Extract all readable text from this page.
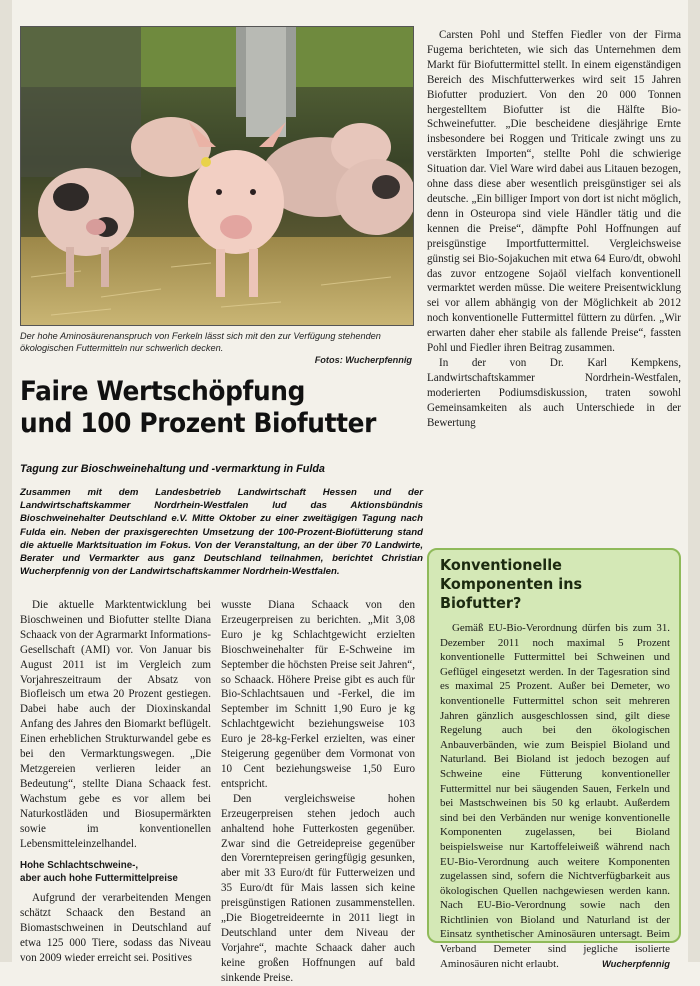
Der hohe Aminosäurenanspruch von Ferkeln lässt sich mit den zur Verfügung stehenden ökologischen Futtermitteln nur schwerlich decken.
Fotos: Wucherpfennig
Faire Wertschöpfung
und 100 Prozent Biofutter

Tagung zur Bioschweinehaltung und -vermarktung in Fulda

Zusammen mit dem Landesbetrieb Landwirtschaft Hessen und der Landwirtschaftskammer Nordrhein-Westfalen lud das Aktionsbündnis Bioschweinehalter Deutschland e.V. Mitte Oktober zu einer zweitägigen Tagung nach Fulda ein. Neben der praxisgerechten Umsetzung der 100-Prozent-Biofütterung stand die aktuelle Marktsituation im Fokus. Von der Veranstaltung, an der über 70 Landwirte, Berater und Vermarkter aus ganz Deutschland teilnahmen, berichtet Christian Wucherpfennig von der Landwirtschaftskammer Nordrhein-Westfalen.

Die aktuelle Marktentwicklung bei Bioschweinen und Biofutter stellte Diana Schaack von der Agrarmarkt Informations-Gesellschaft (AMI) vor. Von Januar bis August 2011 ist im Vergleich zum Vorjahreszeitraum der Absatz von Biofleisch um etwa 20 Prozent gestiegen. Dabei habe auch der Dioxinskandal Anfang des Jahres den Biomarkt beflügelt. Einen erheblichen Strukturwandel gebe es bei den Vermarktungswegen. „Die Metzgereien verlieren leider an Bedeutung“, stellte Diana Schaack fest. Wachstum gebe es vor allem bei Naturkostläden und Biosupermärkten sowie im konventionellen Lebensmitteleinzelhandel.

Hohe Schlachtschweine-,
aber auch hohe Futtermittelpreise

Aufgrund der verarbeitenden Mengen schätzt Schaack den Bestand an Biomastschweinen in Deutschland auf etwa 125 000 Tiere, sodass das Niveau von 2009 wieder erreicht sei. Positives

wusste Diana Schaack von den Erzeugerpreisen zu berichten. „Mit 3,08 Euro je kg Schlachtgewicht erzielten Bioschweinehalter für E-Schweine im September die höchsten Preise seit Jahren“, so Schaack. Höhere Preise gibt es auch für Bio-Schlachtsauen und -Ferkel, die im September im Schnitt 1,90 Euro je kg Schlachtgewicht beziehungsweise 103 Euro je 28-kg-Ferkel erzielten, was einer Steigerung gegenüber dem Vormonat von 10 Cent beziehungsweise 1,50 Euro entspricht.

Den vergleichsweise hohen Erzeugerpreisen stehen jedoch auch anhaltend hohe Futterkosten gegenüber. Zwar sind die Getreidepreise gegenüber den Vorerntepreisen geringfügig gesunken, aber mit 33 Euro/dt für Futterweizen und 35 Euro/dt für Mais lassen sich keine preisgünstigen Rationen zusammenstellen. „Die Biogetreideernte in 2011 liegt in Deutschland unter dem Niveau der Vorjahre“, machte Schaack daher auch keine großen Hoffnungen auf bald sinkende Preise.

Carsten Pohl und Steffen Fiedler von der Firma Fugema berichteten, wie sich das Unternehmen dem Markt für Biofuttermittel stellt. In einem eigenständigen Bereich des Mischfutterwerkes wird seit 15 Jahren Biofutter produziert. Von den 20 000 Tonnen hergestelltem Biofutter ist die Hälfte Bio-Schweinefutter. „Die bescheidene diesjährige Ernte insbesondere bei Roggen und Triticale zwingt uns zu verstärkten Importen“, stellte Pohl die schwierige Situation dar. Viel Ware wird dabei aus Litauen bezogen, ohne dass diese aber wesentlich preisgünstiger sei als deutsche. „Ein billiger Import von dort ist nicht möglich, denn in Osteuropa sind viele Händler tätig und die kennen die Preise“, dämpfte Pohl Hoffnungen auf preisgünstige Importfuttermittel. Vergleichsweise günstig sei Bio-Sojakuchen mit etwa 64 Euro/dt, obwohl das zuvor entzogene Sojaöl vielfach konventionell vermarktet werden müsse. Die weitere Preisentwicklung sei vor allem abhängig von der Möglichkeit ab 2012 noch konventionelle Futtermittel füttern zu dürfen. „Wir erwarten daher eher stabile als fallende Preise“, fassten Pohl und Fiedler ihren Beitrag zusammen.

In der von Dr. Karl Kempkens, Landwirtschaftskammer Nordrhein-Westfalen, moderierten Podiumsdiskussion, traten sowohl Gemeinsamkeiten als auch Unterschiede in der Bewertung

Konventionelle
Komponenten ins Biofutter?

Gemäß EU-Bio-Verordnung dürfen bis zum 31. Dezember 2011 noch maximal 5 Prozent konventionelle Futtermittel bei Schweinen und Geflügel eingesetzt werden. In der Tagesration sind es maximal 25 Prozent. Außer bei Demeter, wo konventionelle Futtermittel schon seit mehreren Jahren gänzlich ausgeschlossen sind, gilt diese Regelung auch bei den ökologischen Anbauverbänden, wie zum Beispiel Bioland und Naturland. Bei Bioland ist jedoch bezogen auf Schweine eine Fütterung konventioneller Futtermittel nur bei säugenden Sauen, Ferkeln und bei Mastschweinen bis 50 kg erlaubt. Außerdem sind bei den Verbänden nur wenige konventionelle Komponenten zugelassen, bei Bioland beispielsweise nur Kartoffeleiweiß während nach EU-Bio-Verordnung auch weitere Komponenten zugelassen sind, sofern die Nichtverfügbarkeit aus ökologischen Quellen nachgewiesen werden kann. Nach EU-Bio-Verordnung sowie nach den Richtlinien von Bioland und Naturland ist der Einsatz synthetischer Aminosäuren untersagt. Beim Verband Demeter sind jegliche isolierte Aminosäuren nicht erlaubt.	Wucherpfennig
